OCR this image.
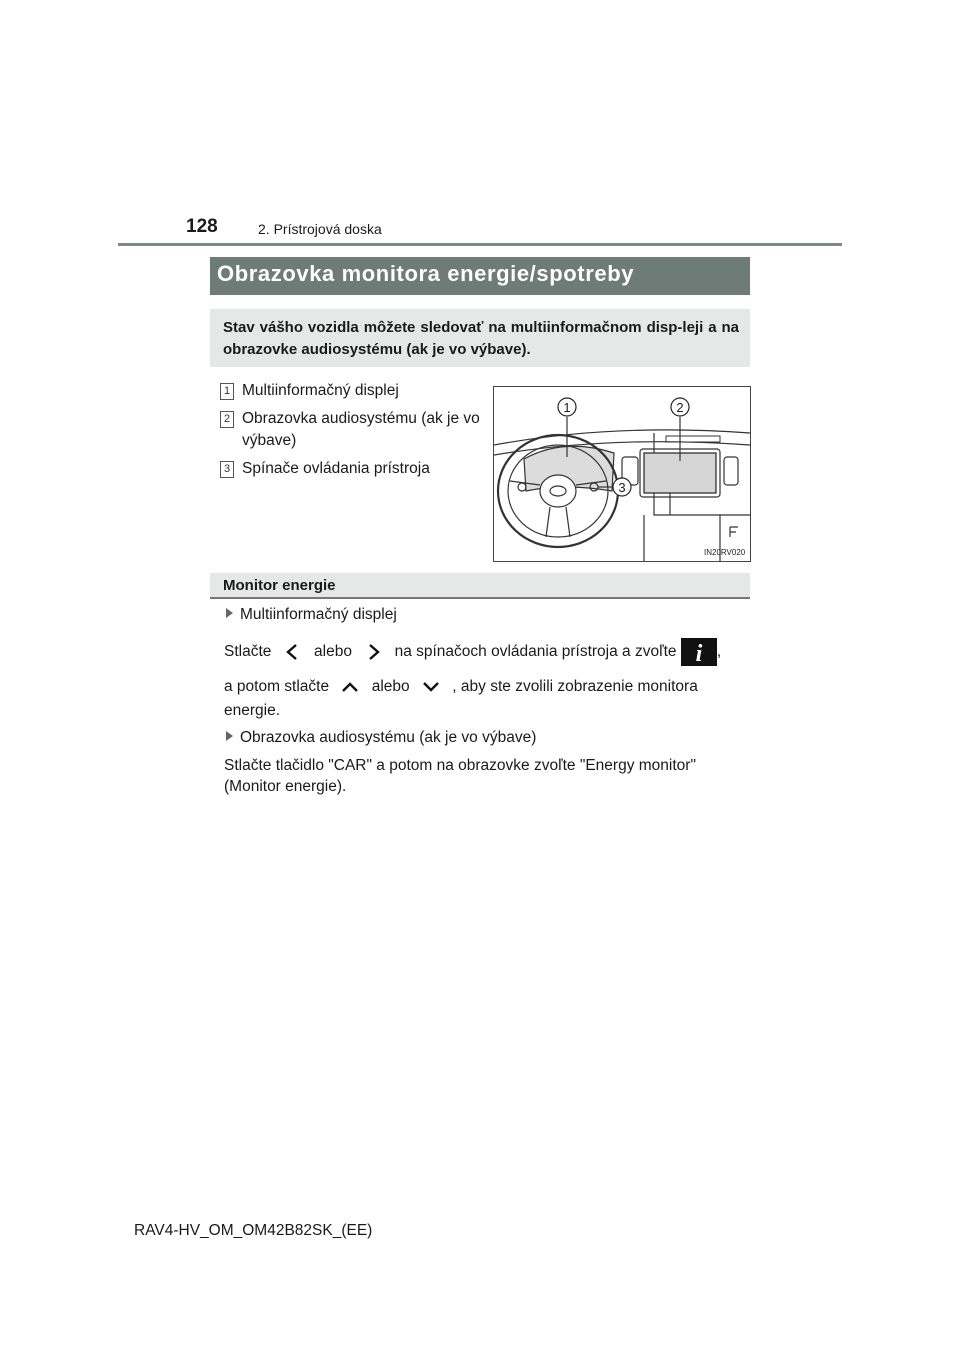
128	2. Prístrojová doska
Obrazovka monitora energie/spotreby
Stav vášho vozidla môžete sledovať na multiinformačnom disp-leji a na obrazovke audiosystému (ak je vo výbave).
1 Multiinformačný displej
2 Obrazovka audiosystému (ak je vo výbave)
3 Spínače ovládania prístroja
1	2
3
IN20RV020
Monitor energie
Multiinformačný displej
Stlačte	alebo	na spínačoch ovládania prístroja a zvoľte i ,
a potom stlačte	alebo	, aby ste zvolili zobrazenie monitora
energie.
Obrazovka audiosystému (ak je vo výbave)
Stlačte tlačidlo "CAR" a potom na obrazovke zvoľte "Energy monitor"
(Monitor energie).
RAV4-HV_OM_OM42B82SK_(EE)
